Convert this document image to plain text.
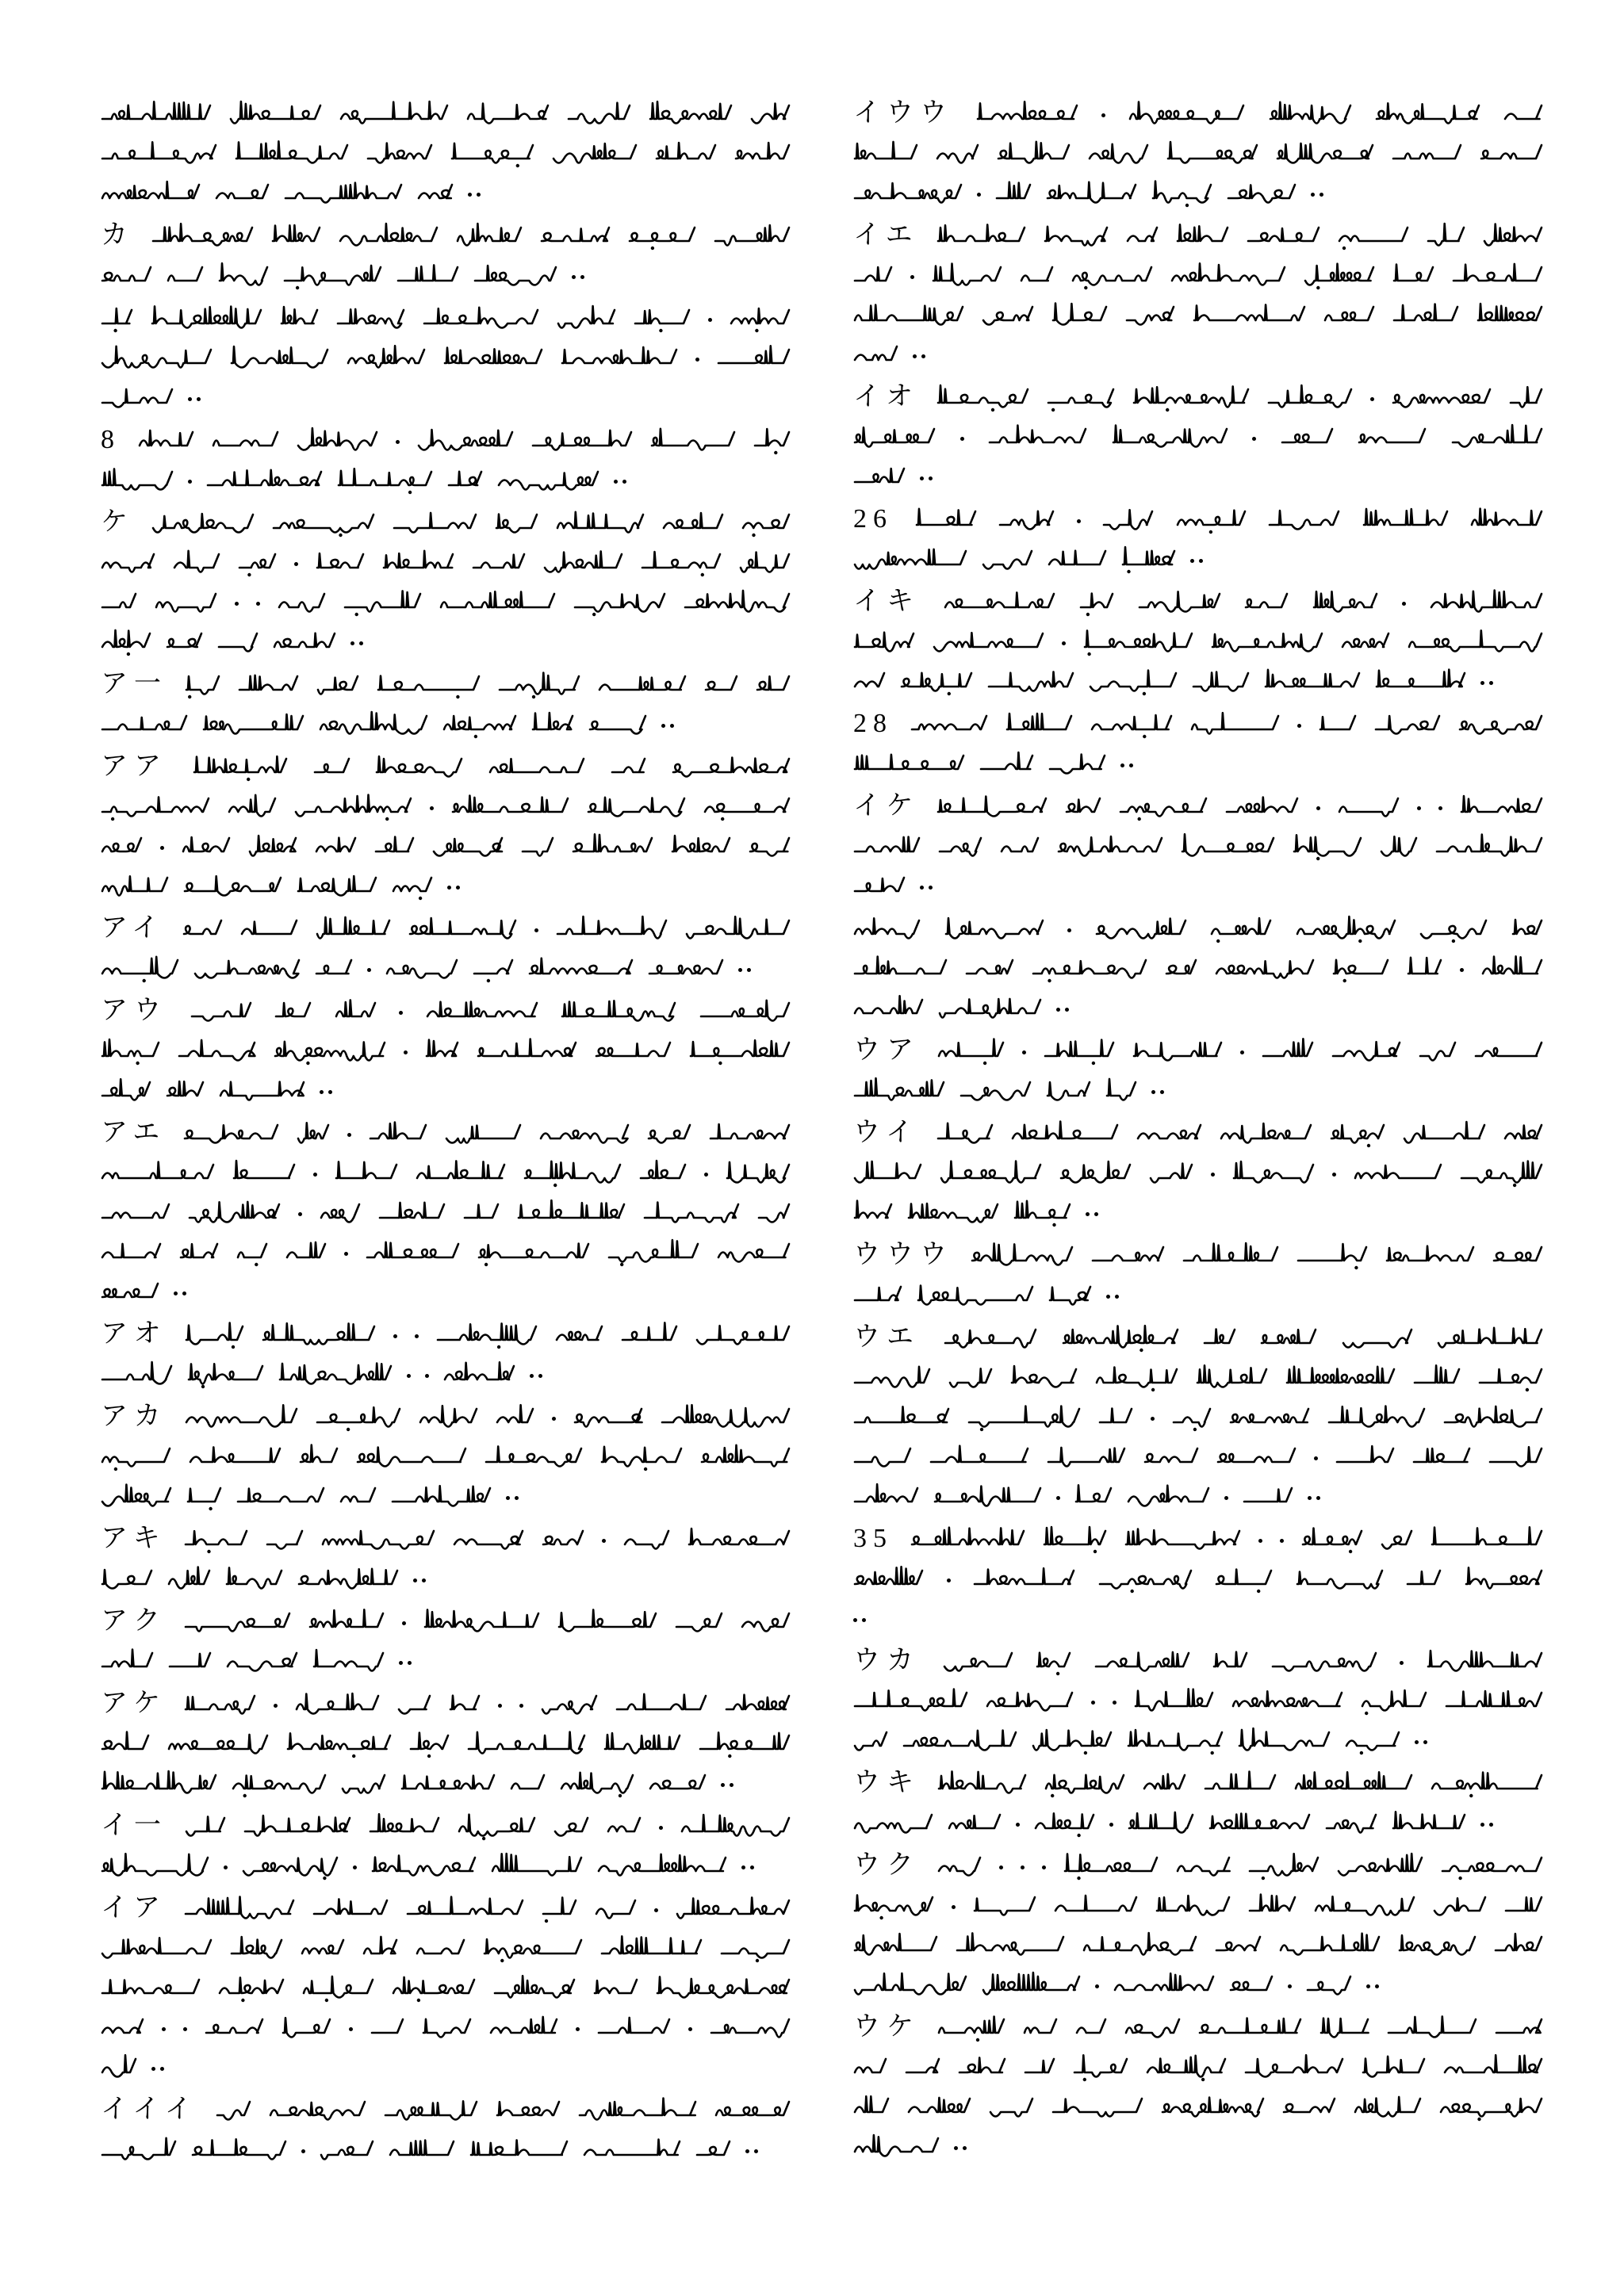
カ
8
ケ
ア一
アア
アイ
アウ
アエ
アオ
アカ
アキ
アク
アケ
イ一
イア
イイイ
イウウ
イエ
イオ
26
イキ
28
イケ
ウア
ウイ
ウウウ
ウエ
35
ウカ
ウキ
ウク
ウケ
